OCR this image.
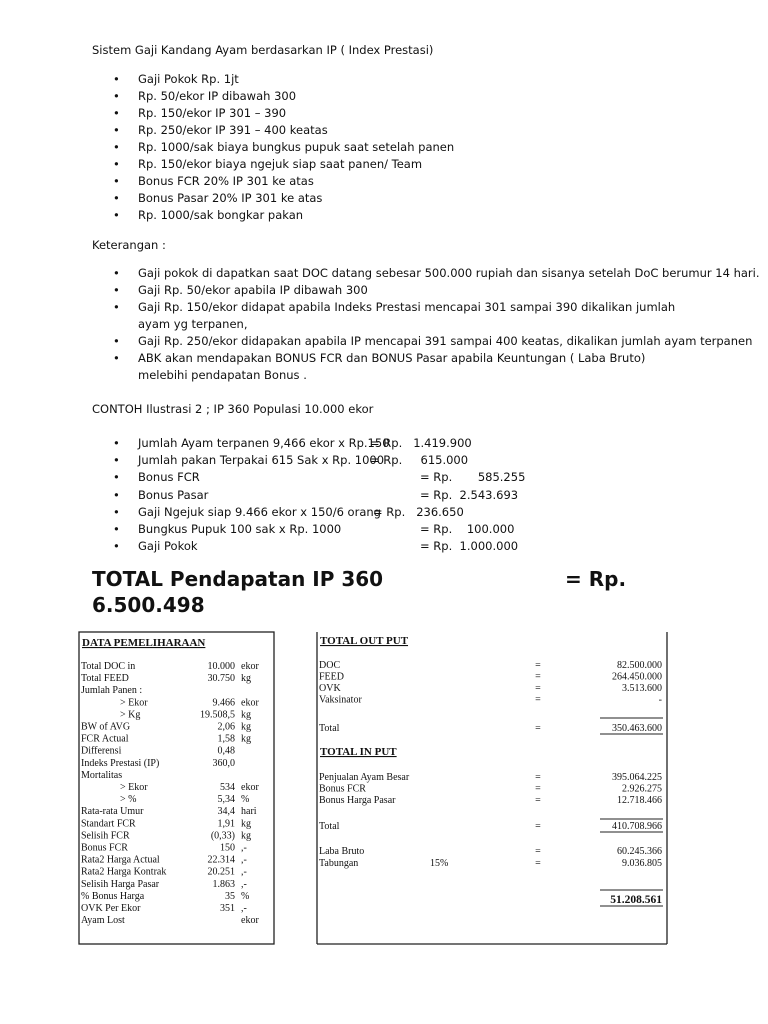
Sistem Gaji Kandang Ayam berdasarkan IP ( Index Prestasi)
• Gaji Pokok Rp. 1jt
• Rp. 50/ekor IP dibawah 300
• Rp. 150/ekor IP 301 – 390
• Rp. 250/ekor IP 391 – 400 keatas
• Rp. 1000/sak biaya bungkus pupuk saat setelah panen
• Rp. 150/ekor biaya ngejuk siap saat panen/ Team
• Bonus FCR 20% IP 301 ke atas
• Bonus Pasar 20% IP 301 ke atas
• Rp. 1000/sak bongkar pakan
Keterangan :
• Gaji pokok di dapatkan saat DOC datang sebesar 500.000 rupiah dan sisanya setelah DoC berumur 14 hari.
• Gaji Rp. 50/ekor apabila IP dibawah 300
• Gaji Rp. 150/ekor didapat apabila Indeks Prestasi mencapai 301 sampai 390 dikalikan jumlah ayam yg terpanen,
• Gaji Rp. 250/ekor didapakan apabila IP mencapai 391 sampai 400 keatas, dikalikan jumlah ayam terpanen
• ABK akan mendapakan BONUS FCR dan BONUS Pasar apabila Keuntungan ( Laba Bruto) melebihi pendapatan Bonus .
CONTOH Ilustrasi 2 ; IP 360 Populasi 10.000 ekor
• Jumlah Ayam terpanen 9,466 ekor x Rp.150
= Rp.   1.419.900
• Jumlah pakan Terpakai 615 Sak x Rp. 1000
= Rp.     615.000
• Bonus FCR	= Rp.       585.255
• Bonus Pasar	= Rp.  2.543.693
• Gaji Ngejuk siap 9.466 ekor x 150/6 orang
= Rp.   236.650
• Bungkus Pupuk 100 sak x Rp. 1000	= Rp.    100.000
• Gaji Pokok	= Rp.  1.000.000
TOTAL Pendapatan IP 360	= Rp.
6.500.498
DATA PEMELIHARAAN
Total DOC in	10.000 ekor
Total FEED	30.750 kg
Jumlah Panen :
> Ekor	9.466 ekor
> Kg	19.508,5 kg
BW of AVG	2,06 kg
FCR Actual	1,58 kg
Differensi	0,48
Indeks Prestasi (IP)	360,0
Mortalitas
> Ekor	534 ekor
> %	5,34 %
Rata-rata Umur	34,4 hari
Standart FCR	1,91 kg
Selisih FCR	(0,33) kg
Bonus FCR	150 ,-
Rata2 Harga Actual	22.314 ,-
Rata2 Harga Kontrak	20.251 ,-
Selisih Harga Pasar	1.863 ,-
% Bonus Harga	35 %
OVK Per Ekor	351 ,-
Ayam Lost	ekor
TOTAL OUT PUT
DOC	=	82.500.000
FEED	=	264.450.000
OVK	=	3.513.600
Vaksinator	=	-
Total	=	350.463.600
TOTAL IN PUT
Penjualan Ayam Besar	=	395.064.225
Bonus FCR	=	2.926.275
Bonus Harga Pasar	=	12.718.466
Total	=	410.708.966
Laba Bruto	=	60.245.366
Tabungan	15%	=	9.036.805
51.208.561
